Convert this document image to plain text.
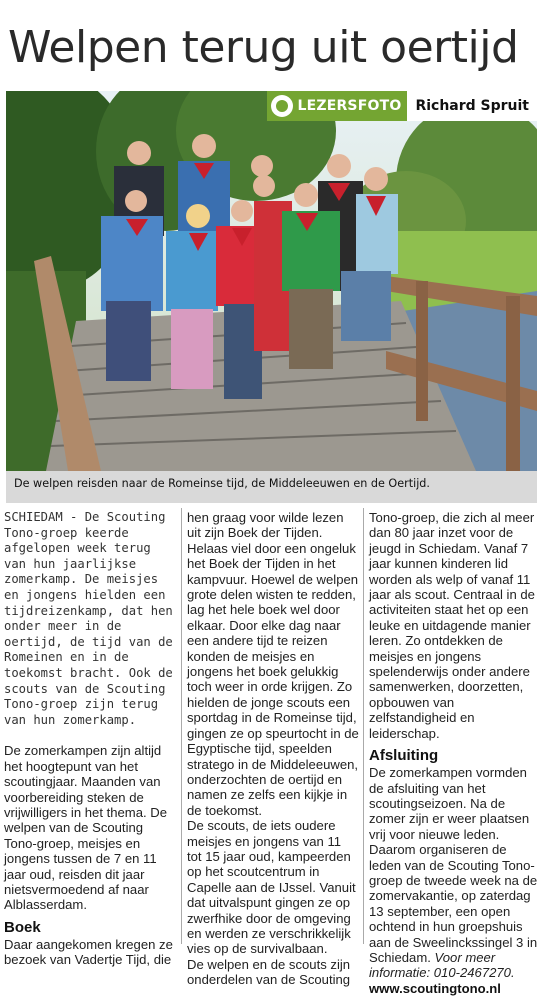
Welpen terug uit oertijd
LEZERSFOTO	Richard Spruit
De welpen reisden naar de Romeinse tijd, de Middeleeuwen en de Oertijd.

SCHIEDAM - De Scouting Tono-groep keerde afgelopen week terug van hun jaarlijkse zomerkamp. De meisjes en jongens hielden een tijdreizenkamp, dat hen onder meer in de oertijd, de tijd van de Romeinen en in de toekomst bracht. Ook de scouts van de Scouting Tono-groep zijn terug van hun zomerkamp.

De zomerkampen zijn altijd het hoogtepunt van het scoutingjaar. Maanden van voorbereiding steken de vrijwilligers in het thema. De welpen van de Scouting Tono-groep, meisjes en jongens tussen de 7 en 11 jaar oud, reisden dit jaar nietsvermoedend af naar Alblasserdam.

Boek

Daar aangekomen kregen ze bezoek van Vadertje Tijd, die

hen graag voor wilde lezen uit zijn Boek der Tijden. Helaas viel door een ongeluk het Boek der Tijden in het kampvuur. Hoewel de welpen grote delen wisten te redden, lag het hele boek wel door elkaar. Door elke dag naar een andere tijd te reizen konden de meisjes en jongens het boek gelukkig toch weer in orde krijgen. Zo hielden de jonge scouts een sportdag in de Romeinse tijd, gingen ze op speurtocht in de Egyptische tijd, speelden stratego in de Middeleeuwen, onderzochten de oertijd en namen ze zelfs een kijkje in de toekomst.

De scouts, de iets oudere meisjes en jongens van 11 tot 15 jaar oud, kampeerden op het scoutcentrum in Capelle aan de IJssel. Vanuit dat uitvalspunt gingen ze op zwerfhike door de omgeving en werden ze verschrikkelijk vies op de survivalbaan.

De welpen en de scouts zijn onderdelen van de Scouting

Tono-groep, die zich al meer dan 80 jaar inzet voor de jeugd in Schiedam. Vanaf 7 jaar kunnen kinderen lid worden als welp of vanaf 11 jaar als scout. Centraal in de activiteiten staat het op een leuke en uitdagende manier leren. Zo ontdekken de meisjes en jongens spelenderwijs onder andere samenwerken, doorzetten, opbouwen van zelfstandigheid en leiderschap.

Afsluiting

De zomerkampen vormden de afsluiting van het scoutingseizoen. Na de zomer zijn er weer plaatsen vrij voor nieuwe leden. Daarom organiseren de leden van de Scouting Tono-groep de tweede week na de zomervakantie, op zaterdag 13 september, een open ochtend in hun groepshuis aan de Sweelinckssingel 3 in Schiedam. Voor meer informatie: 010-2467270.

www.scoutingtono.nl
